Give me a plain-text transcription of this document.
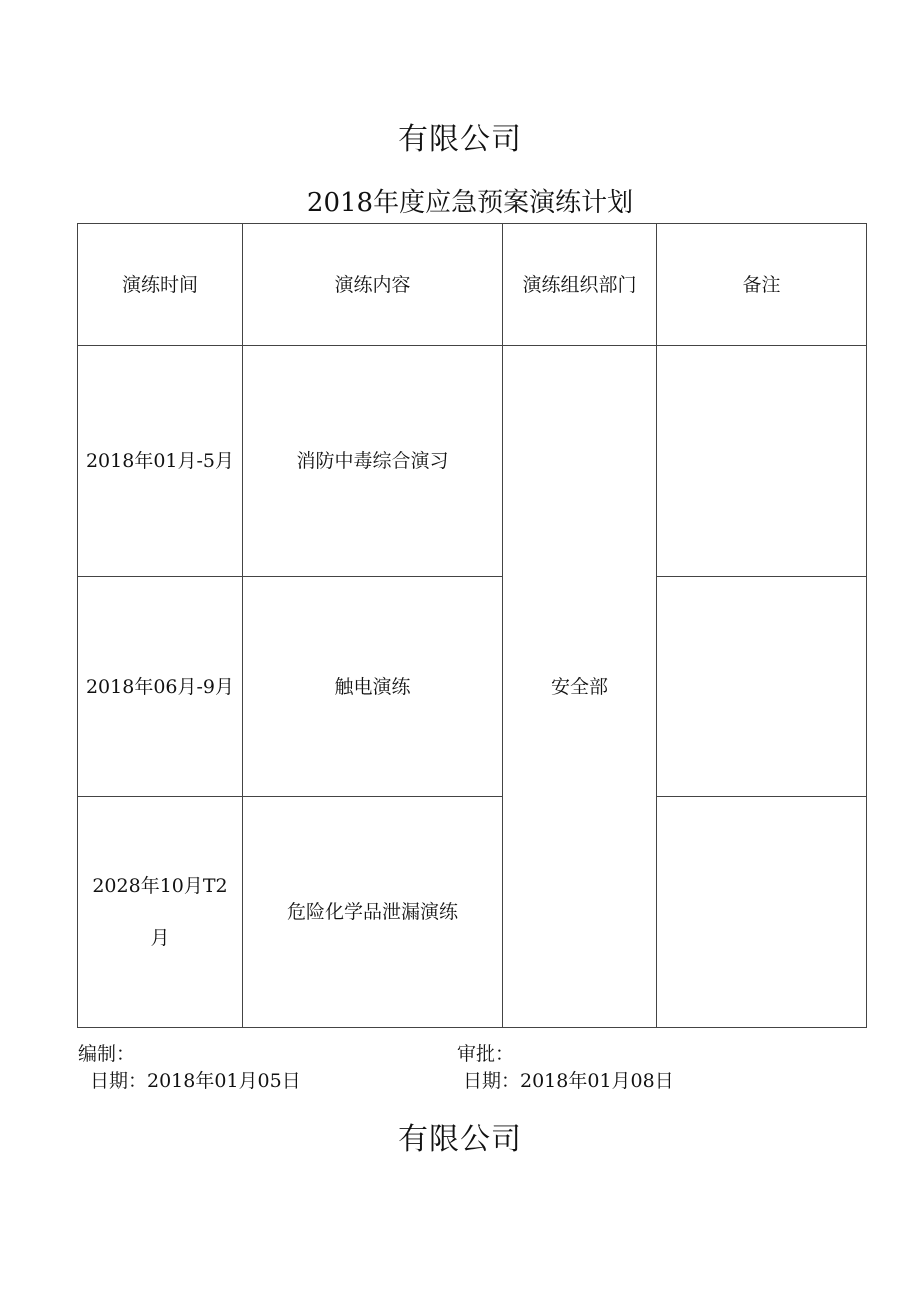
有限公司
2018年度应急预案演练计划
演练时间	演练内容	演练组织部门	备注
2018年01月-5月	消防中毒综合演习	安全部	
2018年06月-9月	触电演练		
2028年10月T2月	危险化学品泄漏演练		
编制：	审批：
日期：2018年01月05日	日期：2018年01月08日
有限公司
